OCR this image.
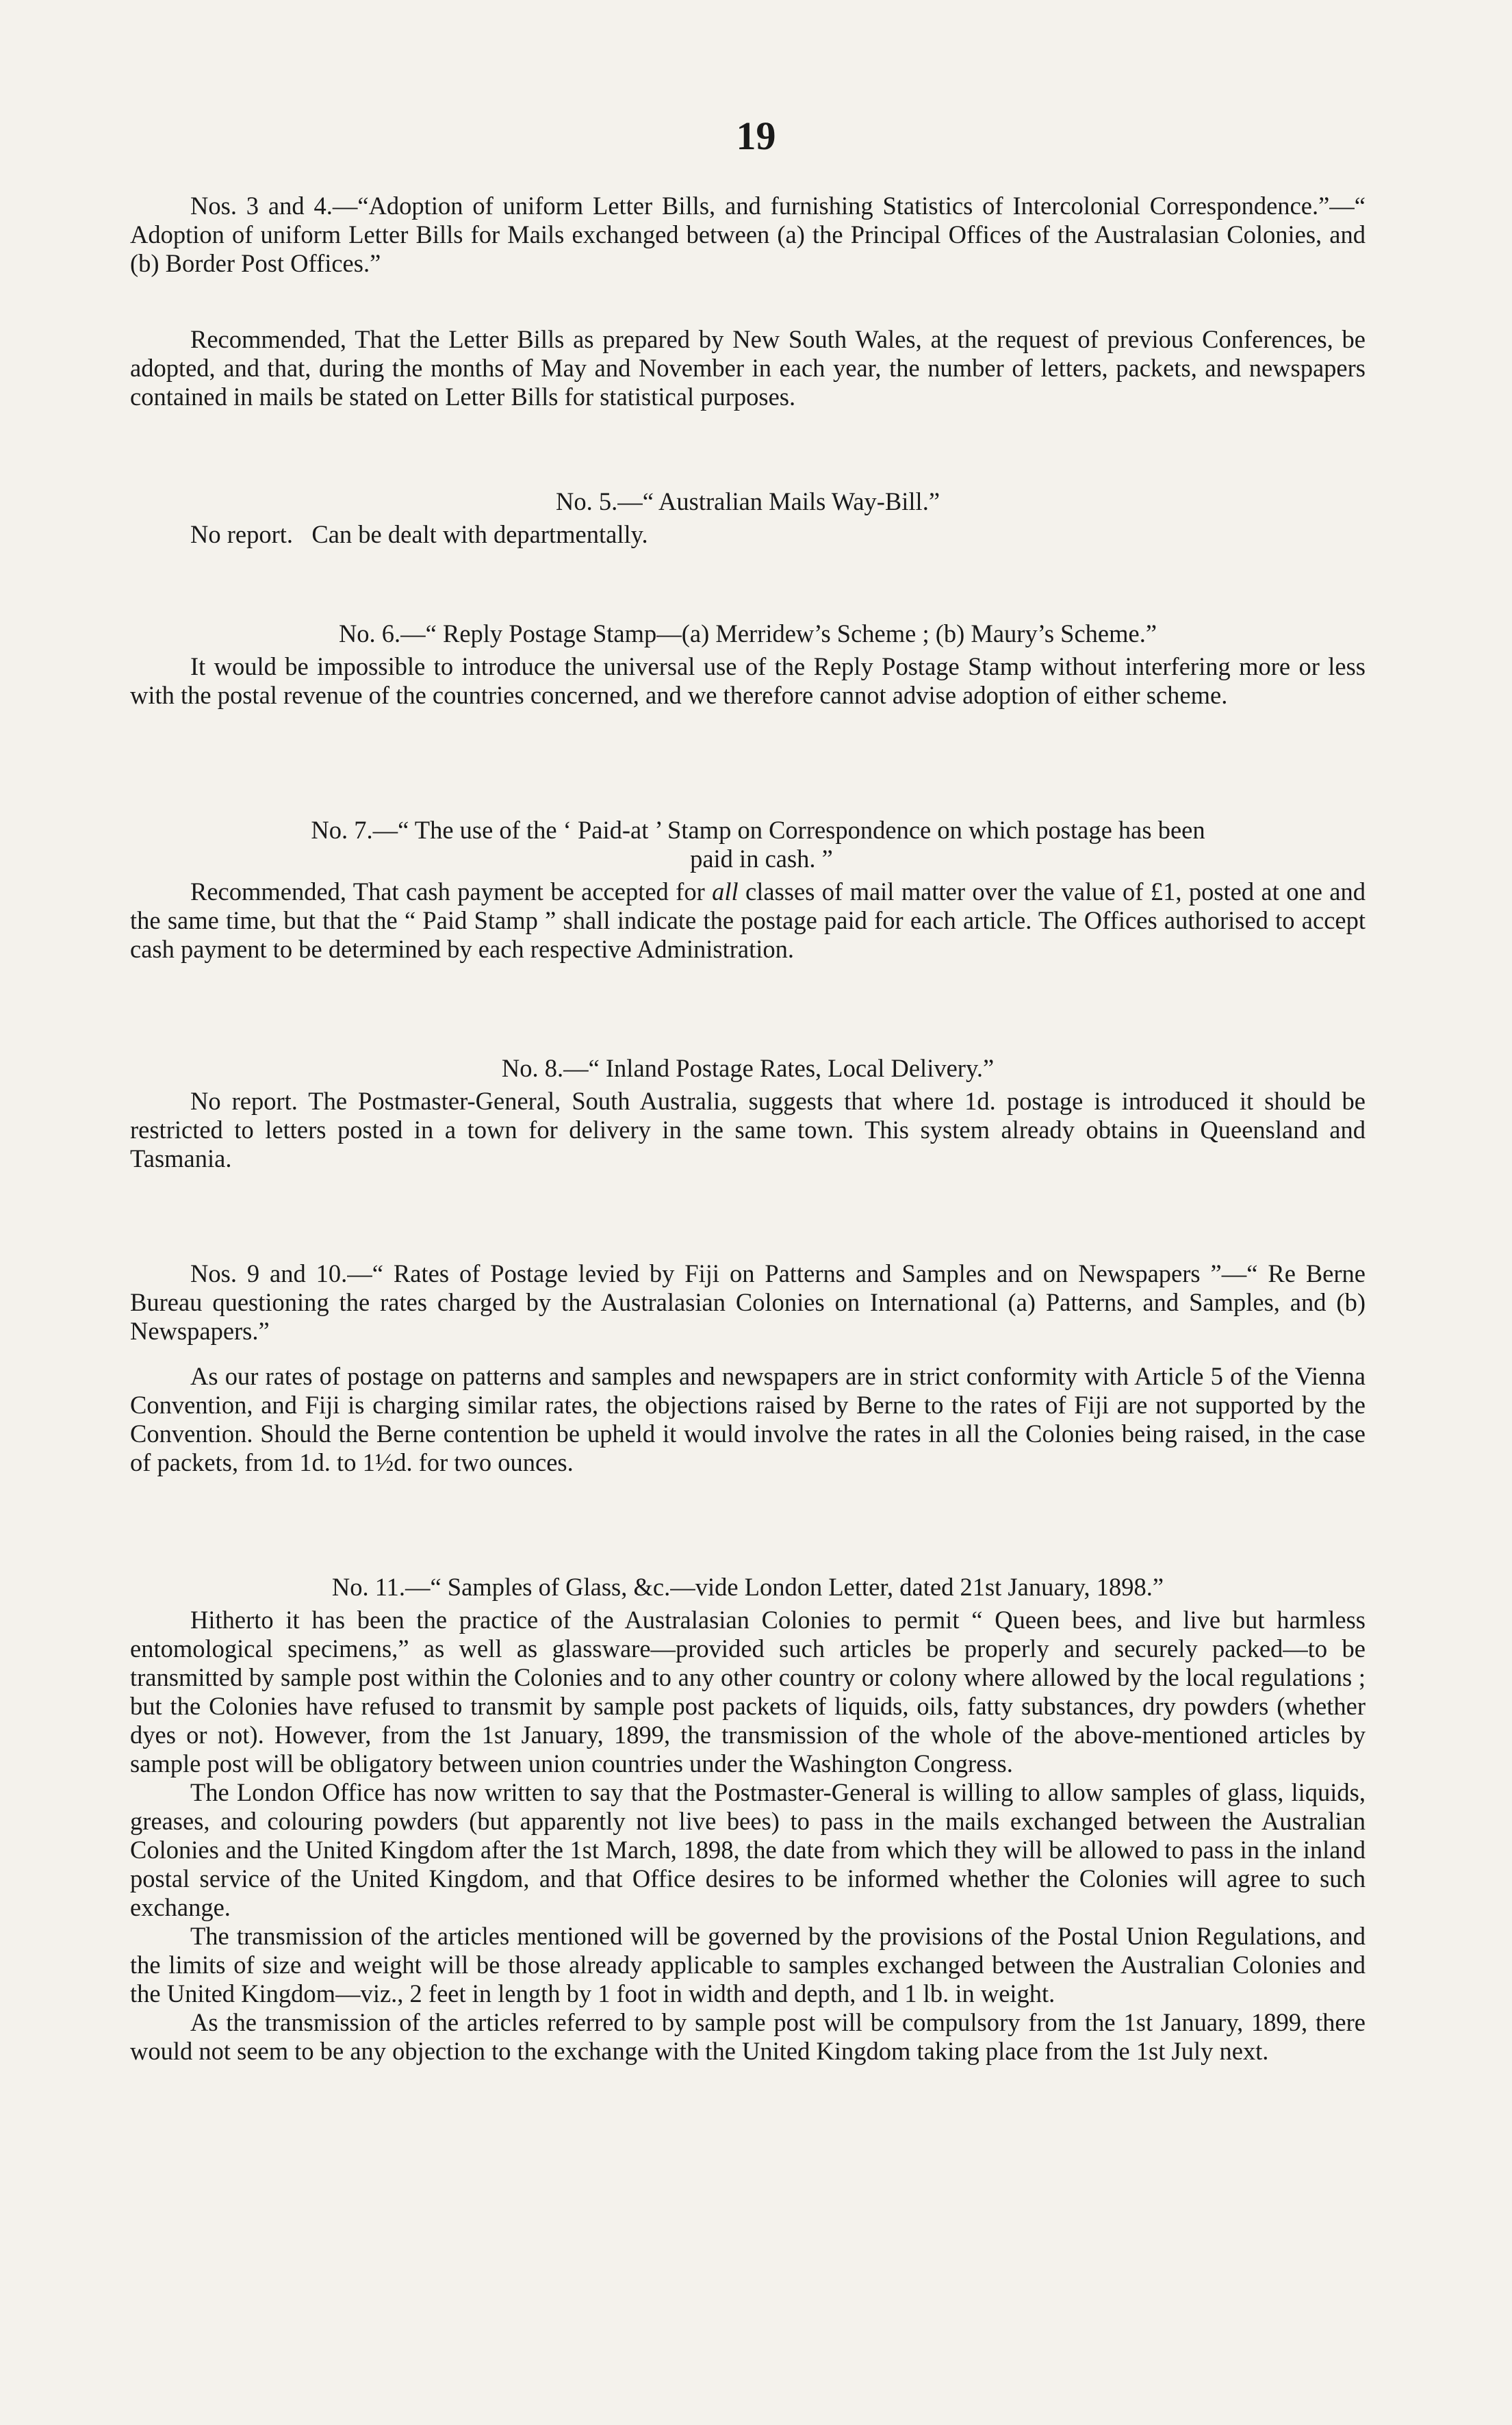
19

Nos. 3 and 4.—“Adoption of uniform Letter Bills, and furnishing Statistics of Intercolonial Correspondence.”—“ Adoption of uniform Letter Bills for Mails exchanged between (a) the Principal Offices of the Australasian Colonies, and (b) Border Post Offices.”

Recommended, That the Letter Bills as prepared by New South Wales, at the request of previous Conferences, be adopted, and that, during the months of May and November in each year, the number of letters, packets, and newspapers contained in mails be stated on Letter Bills for statistical purposes.

No. 5.—“ Australian Mails Way-Bill.”

No report.   Can be dealt with departmentally.

No. 6.—“ Reply Postage Stamp—(a) Merridew’s Scheme ; (b) Maury’s Scheme.”

It would be impossible to introduce the universal use of the Reply Postage Stamp without interfering more or less with the postal revenue of the countries concerned, and we therefore cannot advise adoption of either scheme.

No. 7.—“ The use of the ‘ Paid-at ’ Stamp on Correspondence on which postage has been

paid in cash. ”

Recommended, That cash payment be accepted for all classes of mail matter over the value of £1, posted at one and the same time, but that the “ Paid Stamp ” shall indicate the postage paid for each article. The Offices authorised to accept cash payment to be determined by each respective Administration.

No. 8.—“ Inland Postage Rates, Local Delivery.”

No report. The Postmaster-General, South Australia, suggests that where 1d. postage is introduced it should be restricted to letters posted in a town for delivery in the same town. This system already obtains in Queensland and Tasmania.

Nos. 9 and 10.—“ Rates of Postage levied by Fiji on Patterns and Samples and on Newspapers ”—“ Re Berne Bureau questioning the rates charged by the Australasian Colonies on International (a) Patterns, and Samples, and (b) Newspapers.”

As our rates of postage on patterns and samples and newspapers are in strict conformity with Article 5 of the Vienna Convention, and Fiji is charging similar rates, the objections raised by Berne to the rates of Fiji are not supported by the Convention. Should the Berne contention be upheld it would involve the rates in all the Colonies being raised, in the case of packets, from 1d. to 1½d. for two ounces.

No. 11.—“ Samples of Glass, &c.—vide London Letter, dated 21st January, 1898.”

Hitherto it has been the practice of the Australasian Colonies to permit “ Queen bees, and live but harmless entomological specimens,” as well as glassware—provided such articles be properly and securely packed—to be transmitted by sample post within the Colonies and to any other country or colony where allowed by the local regulations ; but the Colonies have refused to transmit by sample post packets of liquids, oils, fatty substances, dry powders (whether dyes or not). However, from the 1st January, 1899, the transmission of the whole of the above-mentioned articles by sample post will be obligatory between union countries under the Washington Congress.

The London Office has now written to say that the Postmaster-General is willing to allow samples of glass, liquids, greases, and colouring powders (but apparently not live bees) to pass in the mails exchanged between the Australian Colonies and the United Kingdom after the 1st March, 1898, the date from which they will be allowed to pass in the inland postal service of the United Kingdom, and that Office desires to be informed whether the Colonies will agree to such exchange.

The transmission of the articles mentioned will be governed by the provisions of the Postal Union Regulations, and the limits of size and weight will be those already applicable to samples exchanged between the Australian Colonies and the United Kingdom—viz., 2 feet in length by 1 foot in width and depth, and 1 lb. in weight.

As the transmission of the articles referred to by sample post will be compulsory from the 1st January, 1899, there would not seem to be any objection to the exchange with the United Kingdom taking place from the 1st July next.
